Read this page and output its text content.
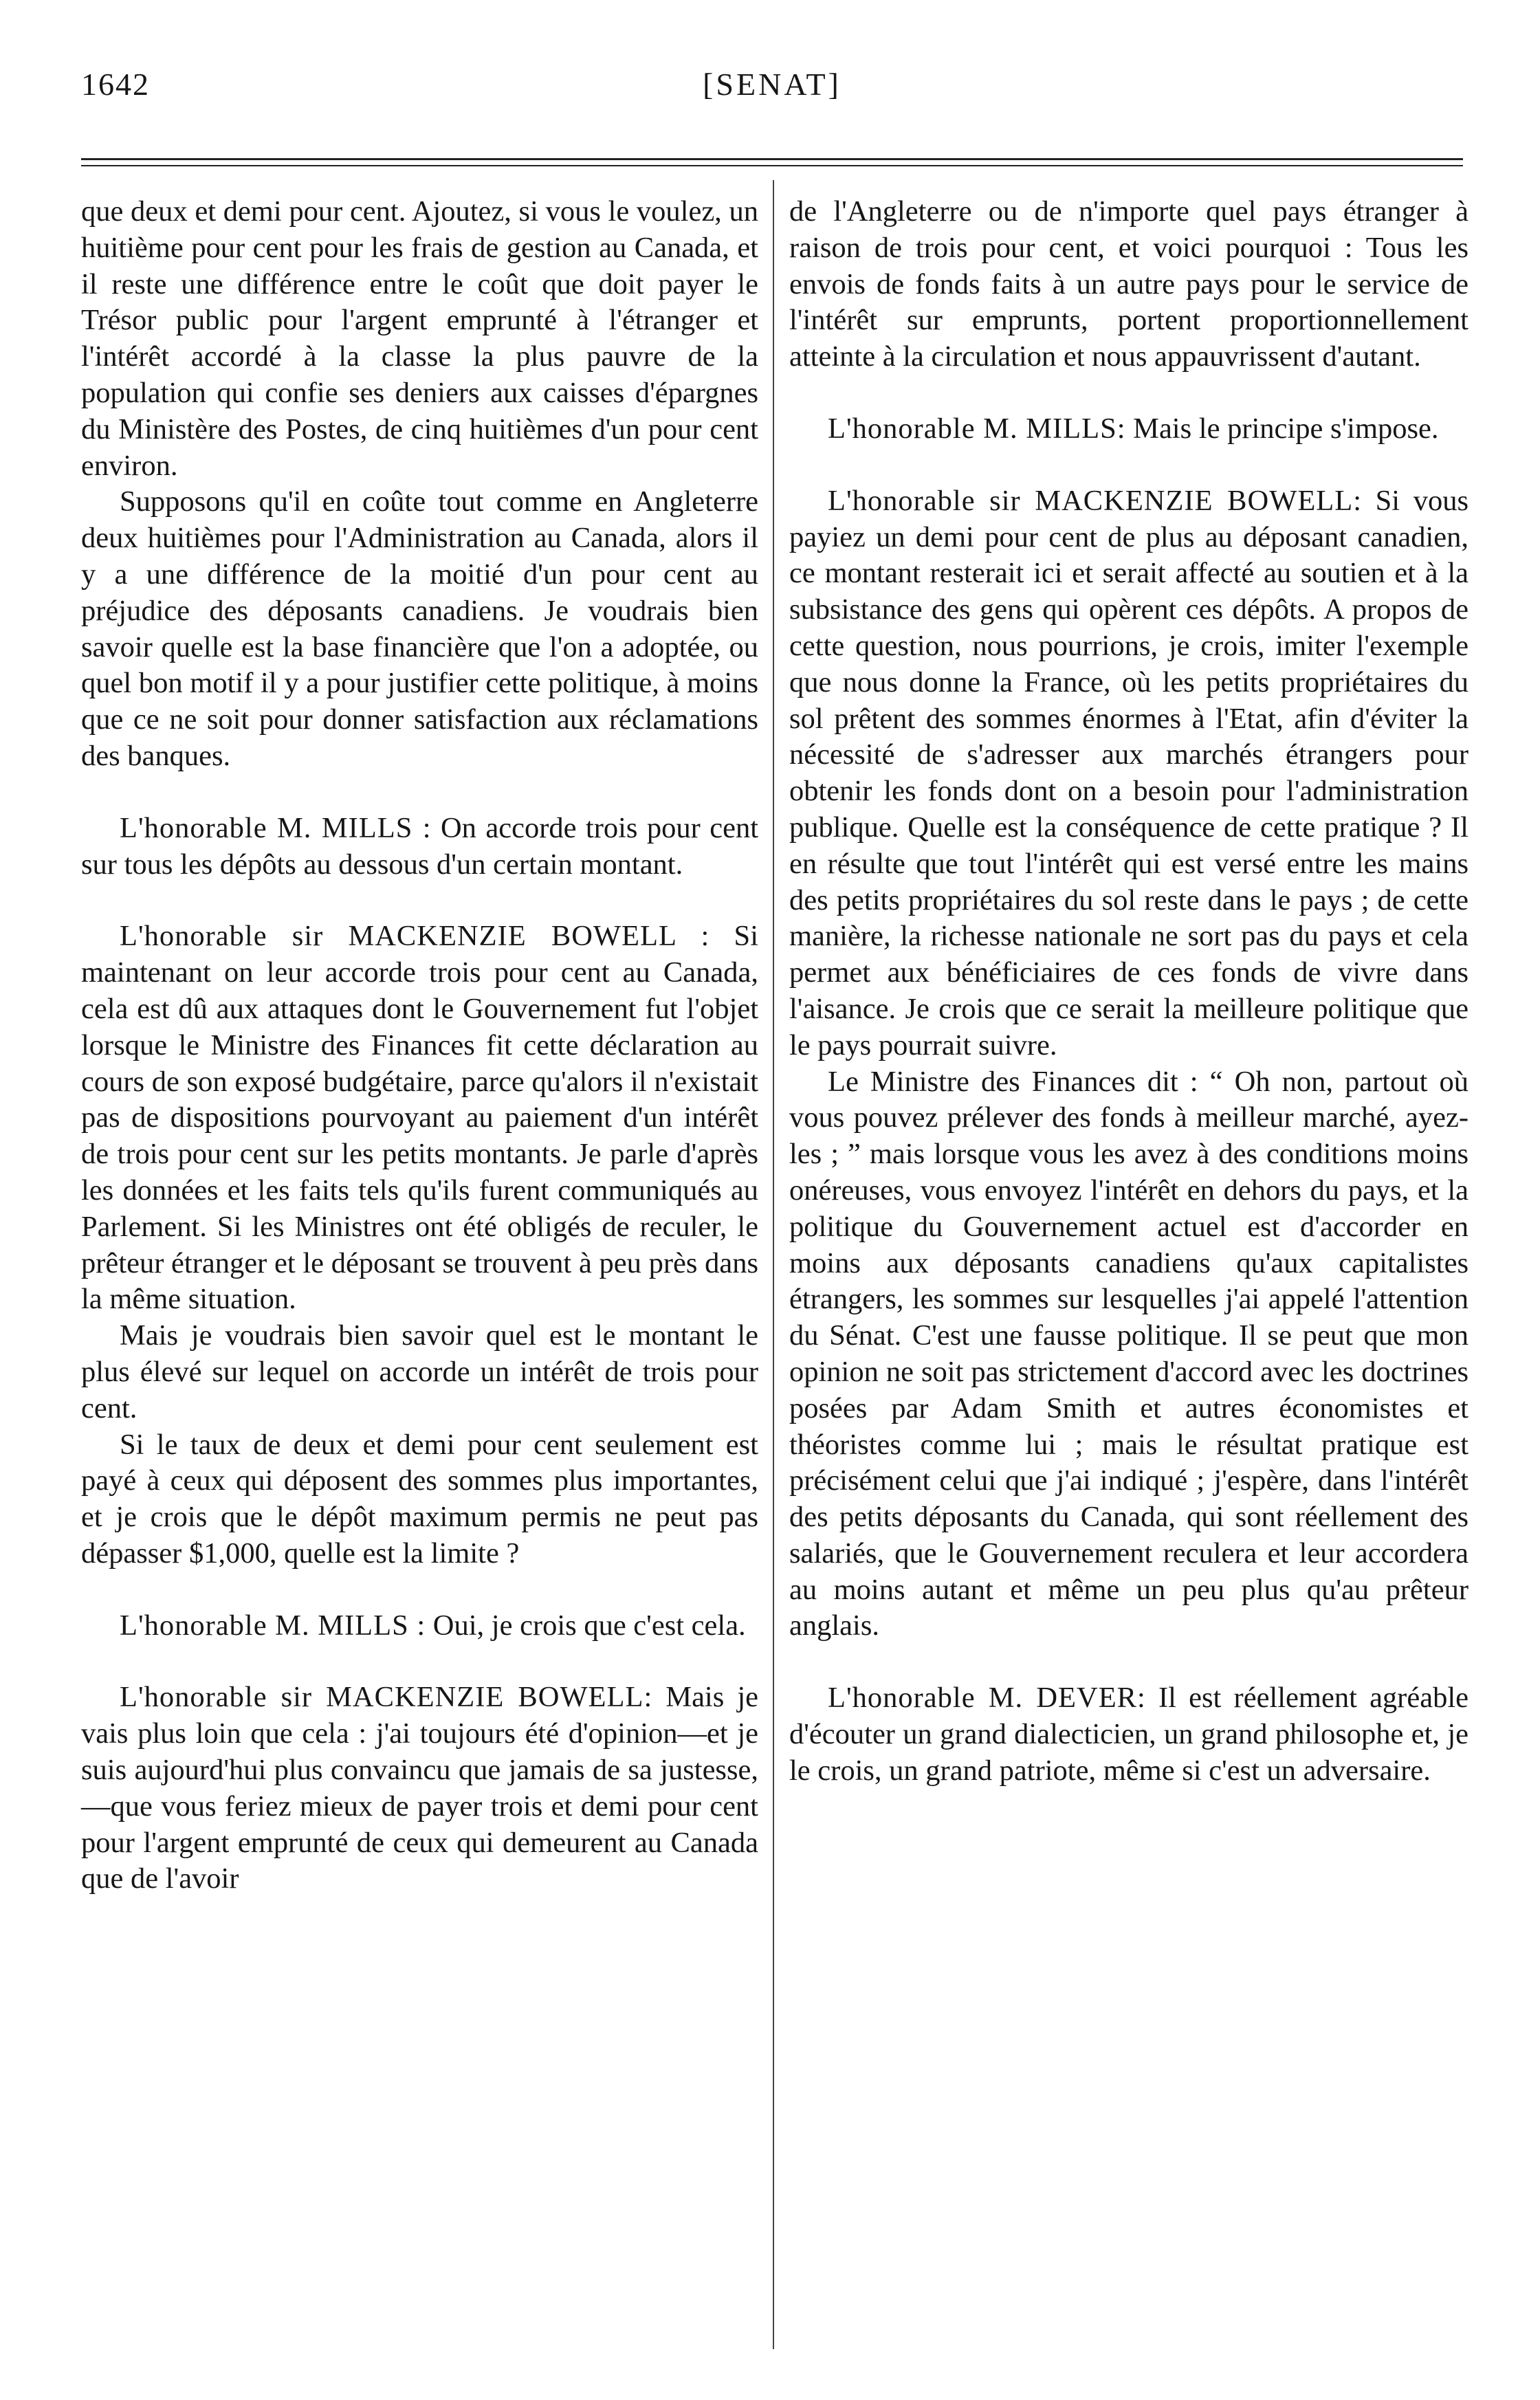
1642	[SENAT]

que deux et demi pour cent. Ajoutez, si vous le voulez, un huitième pour cent pour les frais de gestion au Canada, et il reste une différence entre le coût que doit payer le Trésor public pour l'argent emprunté à l'étranger et l'intérêt accordé à la classe la plus pauvre de la population qui confie ses deniers aux caisses d'épargnes du Ministère des Postes, de cinq huitièmes d'un pour cent environ.

Supposons qu'il en coûte tout comme en Angleterre deux huitièmes pour l'Administration au Canada, alors il y a une différence de la moitié d'un pour cent au préjudice des déposants canadiens. Je voudrais bien savoir quelle est la base financière que l'on a adoptée, ou quel bon motif il y a pour justifier cette politique, à moins que ce ne soit pour donner satisfaction aux réclamations des banques.

L'honorable M. MILLS : On accorde trois pour cent sur tous les dépôts au dessous d'un certain montant.

L'honorable sir MACKENZIE BOWELL : Si maintenant on leur accorde trois pour cent au Canada, cela est dû aux attaques dont le Gouvernement fut l'objet lorsque le Ministre des Finances fit cette déclaration au cours de son exposé budgétaire, parce qu'alors il n'existait pas de dispositions pourvoyant au paiement d'un intérêt de trois pour cent sur les petits montants. Je parle d'après les données et les faits tels qu'ils furent communiqués au Parlement. Si les Ministres ont été obligés de reculer, le prêteur étranger et le déposant se trouvent à peu près dans la même situation.

Mais je voudrais bien savoir quel est le montant le plus élevé sur lequel on accorde un intérêt de trois pour cent.

Si le taux de deux et demi pour cent seulement est payé à ceux qui déposent des sommes plus importantes, et je crois que le dépôt maximum permis ne peut pas dépasser $1,000, quelle est la limite ?

L'honorable M. MILLS : Oui, je crois que c'est cela.

L'honorable sir MACKENZIE BOWELL: Mais je vais plus loin que cela : j'ai toujours été d'opinion—et je suis aujourd'hui plus convaincu que jamais de sa justesse,—que vous feriez mieux de payer trois et demi pour cent pour l'argent emprunté de ceux qui demeurent au Canada que de l'avoir

de l'Angleterre ou de n'importe quel pays étranger à raison de trois pour cent, et voici pourquoi : Tous les envois de fonds faits à un autre pays pour le service de l'intérêt sur emprunts, portent proportionnellement atteinte à la circulation et nous appauvrissent d'autant.

L'honorable M. MILLS: Mais le principe s'impose.

L'honorable sir MACKENZIE BOWELL: Si vous payiez un demi pour cent de plus au déposant canadien, ce montant resterait ici et serait affecté au soutien et à la subsistance des gens qui opèrent ces dépôts. A propos de cette question, nous pourrions, je crois, imiter l'exemple que nous donne la France, où les petits propriétaires du sol prêtent des sommes énormes à l'Etat, afin d'éviter la nécessité de s'adresser aux marchés étrangers pour obtenir les fonds dont on a besoin pour l'administration publique. Quelle est la conséquence de cette pratique ? Il en résulte que tout l'intérêt qui est versé entre les mains des petits propriétaires du sol reste dans le pays ; de cette manière, la richesse nationale ne sort pas du pays et cela permet aux bénéficiaires de ces fonds de vivre dans l'aisance. Je crois que ce serait la meilleure politique que le pays pourrait suivre.

Le Ministre des Finances dit : “ Oh non, partout où vous pouvez prélever des fonds à meilleur marché, ayez-les ; ” mais lorsque vous les avez à des conditions moins onéreuses, vous envoyez l'intérêt en dehors du pays, et la politique du Gouvernement actuel est d'accorder en moins aux déposants canadiens qu'aux capitalistes étrangers, les sommes sur lesquelles j'ai appelé l'attention du Sénat. C'est une fausse politique. Il se peut que mon opinion ne soit pas strictement d'accord avec les doctrines posées par Adam Smith et autres économistes et théoristes comme lui ; mais le résultat pratique est précisément celui que j'ai indiqué ; j'espère, dans l'intérêt des petits déposants du Canada, qui sont réellement des salariés, que le Gouvernement reculera et leur accordera au moins autant et même un peu plus qu'au prêteur anglais.

L'honorable M. DEVER: Il est réellement agréable d'écouter un grand dialecticien, un grand philosophe et, je le crois, un grand patriote, même si c'est un adversaire.
